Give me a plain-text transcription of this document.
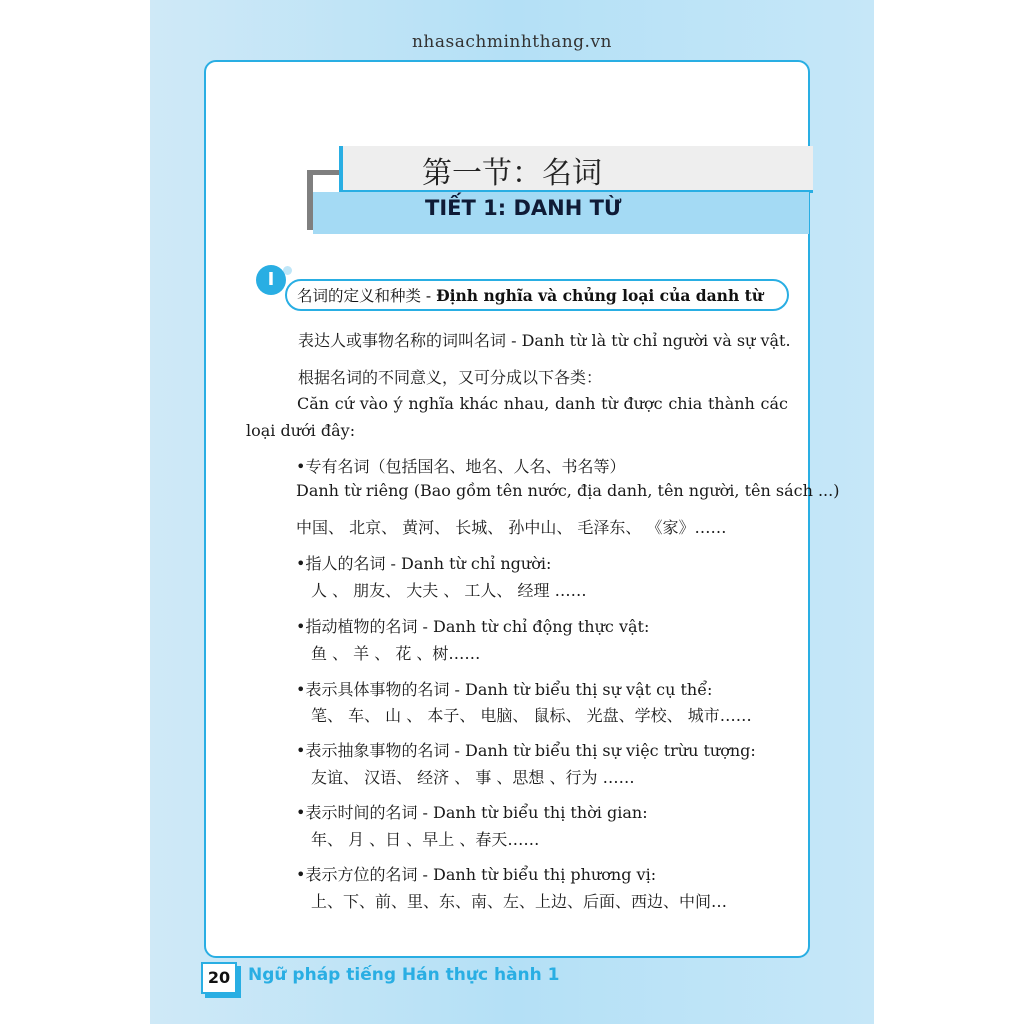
nhasachminhthang.vn
第一节：名词
TIẾT 1: DANH TỪ
I
名词的定义和种类 - Định nghĩa và chủng loại của danh từ
表达人或事物名称的词叫名词 - Danh từ là từ chỉ người và sự vật.
根据名词的不同意义，又可分成以下各类：
Căn cứ vào ý nghĩa khác nhau, danh từ được chia thành các loại dưới đây:
•专有名词（包括国名、地名、人名、书名等）
Danh từ riêng (Bao gồm tên nước, địa danh, tên người, tên sách ...)
中国、 北京、 黄河、 长城、 孙中山、 毛泽东、 《家》……
•指人的名词 - Danh từ chỉ người:
人 、 朋友、 大夫 、 工人、 经理 ……
•指动植物的名词 - Danh từ chỉ động thực vật:
鱼 、 羊 、 花 、树……
•表示具体事物的名词 - Danh từ biểu thị sự vật cụ thể:
笔、 车、 山 、 本子、 电脑、 鼠标、 光盘、学校、 城市……
•表示抽象事物的名词 - Danh từ biểu thị sự việc trừu tượng:
友谊、 汉语、 经济 、 事 、思想 、行为 ……
•表示时间的名词 - Danh từ biểu thị thời gian:
年、 月 、日 、早上 、春天……
•表示方位的名词 - Danh từ biểu thị phương vị:
上、下、前、里、东、南、左、上边、后面、西边、中间…
20	Ngữ pháp tiếng Hán thực hành 1
